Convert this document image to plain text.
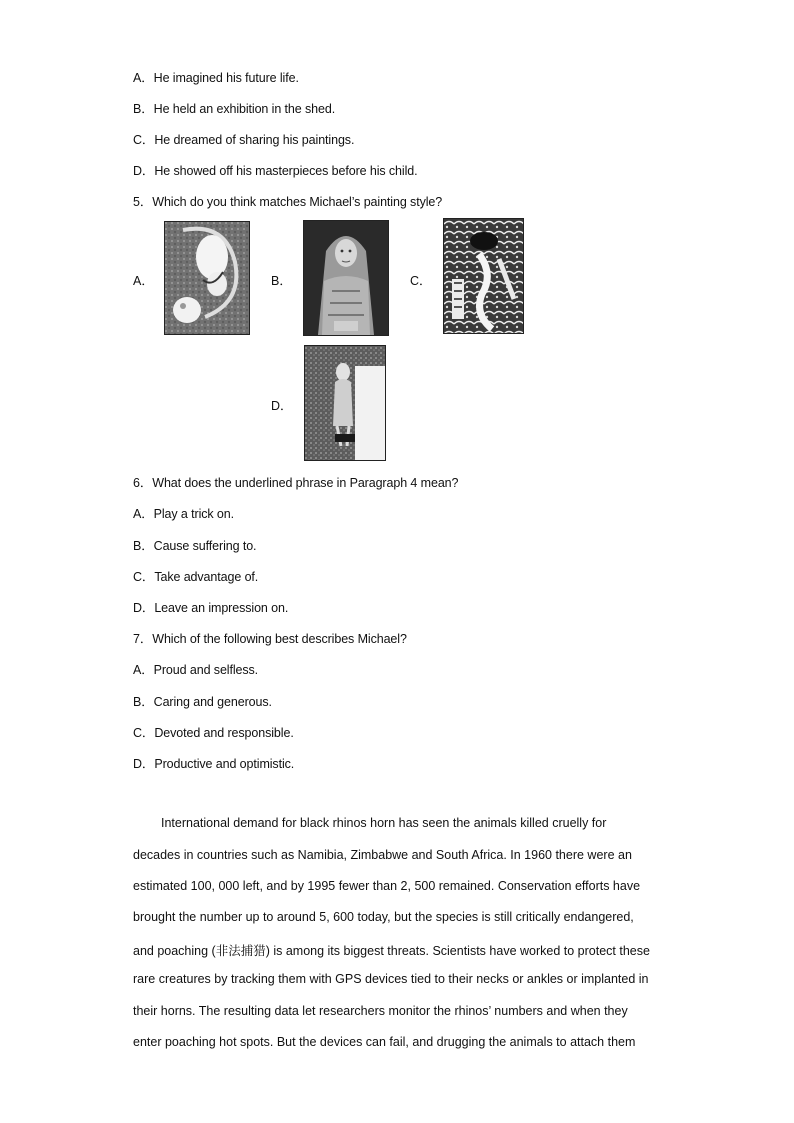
A．He imagined his future life.
B．He held an exhibition in the shed.
C．He dreamed of sharing his paintings.
D．He showed off his masterpieces before his child.
5．Which do you think matches Michael’s painting style?
A．	B．	C．
D．
6．What does the underlined phrase in Paragraph 4 mean?
A．Play a trick on.
B．Cause suffering to.
C．Take advantage of.
D．Leave an impression on.
7．Which of the following best describes Michael?
A．Proud and selfless.
B．Caring and generous.
C．Devoted and responsible.
D．Productive and optimistic.
International demand for black rhinos horn has seen the animals killed cruelly for
decades in countries such as Namibia, Zimbabwe and South Africa. In 1960 there were an
estimated 100, 000 left, and by 1995 fewer than 2, 500 remained. Conservation efforts have
brought the number up to around 5, 600 today, but the species is still critically endangered,
and poaching (非法捕猎) is among its biggest threats. Scientists have worked to protect these
rare creatures by tracking them with GPS devices tied to their necks or ankles or implanted in
their horns. The resulting data let researchers monitor the rhinos’ numbers and when they
enter poaching hot spots. But the devices can fail, and drugging the animals to attach them
